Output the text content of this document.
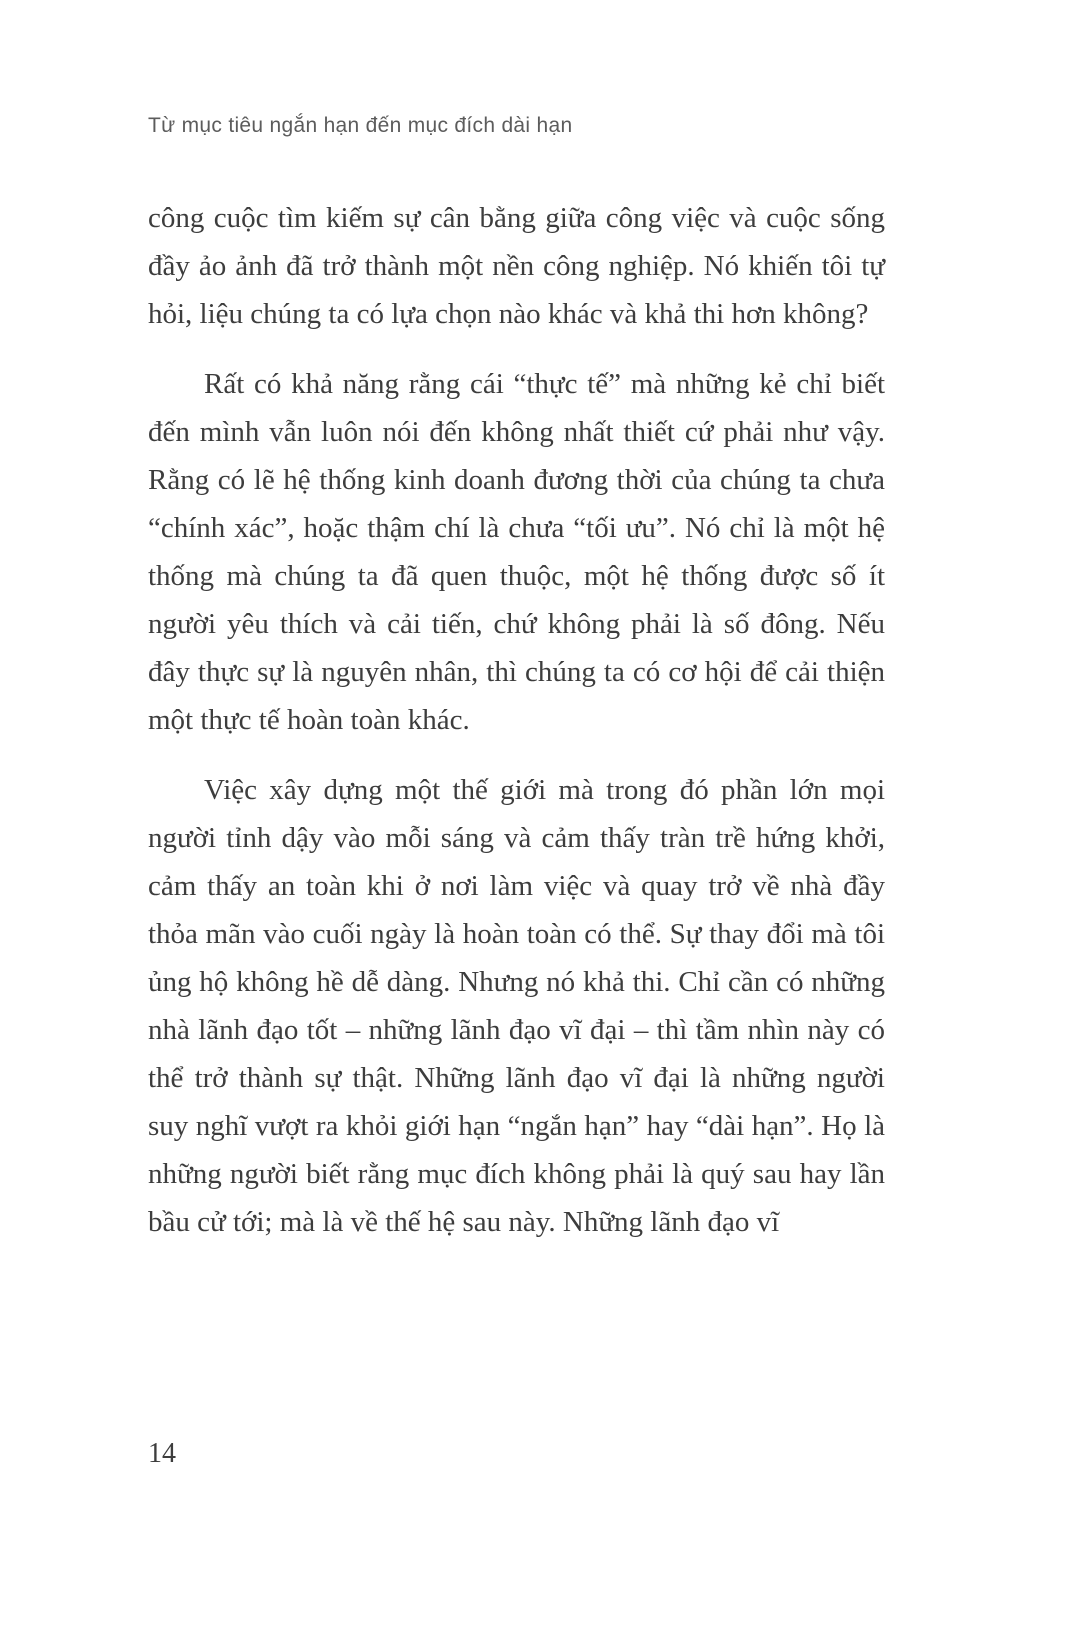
Từ mục tiêu ngắn hạn đến mục đích dài hạn

công cuộc tìm kiếm sự cân bằng giữa công việc và cuộc sống đầy ảo ảnh đã trở thành một nền công nghiệp. Nó khiến tôi tự hỏi, liệu chúng ta có lựa chọn nào khác và khả thi hơn không?

Rất có khả năng rằng cái “thực tế” mà những kẻ chỉ biết đến mình vẫn luôn nói đến không nhất thiết cứ phải như vậy. Rằng có lẽ hệ thống kinh doanh đương thời của chúng ta chưa “chính xác”, hoặc thậm chí là chưa “tối ưu”. Nó chỉ là một hệ thống mà chúng ta đã quen thuộc, một hệ thống được số ít người yêu thích và cải tiến, chứ không phải là số đông. Nếu đây thực sự là nguyên nhân, thì chúng ta có cơ hội để cải thiện một thực tế hoàn toàn khác.

Việc xây dựng một thế giới mà trong đó phần lớn mọi người tỉnh dậy vào mỗi sáng và cảm thấy tràn trề hứng khởi, cảm thấy an toàn khi ở nơi làm việc và quay trở về nhà đầy thỏa mãn vào cuối ngày là hoàn toàn có thể. Sự thay đổi mà tôi ủng hộ không hề dễ dàng. Nhưng nó khả thi. Chỉ cần có những nhà lãnh đạo tốt – những lãnh đạo vĩ đại – thì tầm nhìn này có thể trở thành sự thật. Những lãnh đạo vĩ đại là những người suy nghĩ vượt ra khỏi giới hạn “ngắn hạn” hay “dài hạn”. Họ là những người biết rằng mục đích không phải là quý sau hay lần bầu cử tới; mà là về thế hệ sau này. Những lãnh đạo vĩ

14
